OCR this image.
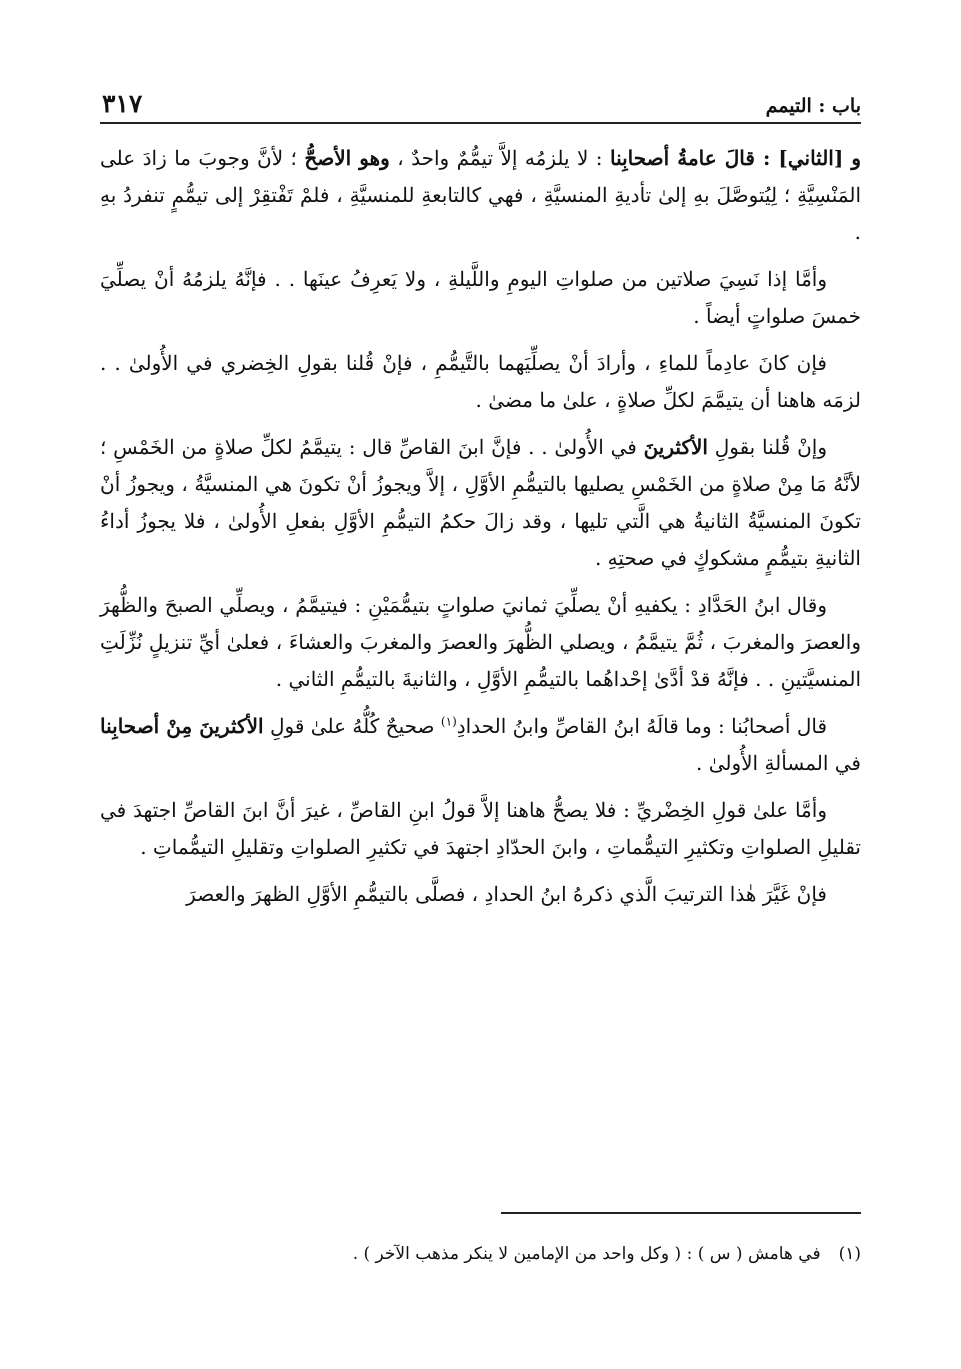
باب : التيمم
٣١٧

و [الثاني] : قالَ عامةُ أصحابِنا : لا يلزمُه إلاَّ تيمُّمٌ واحدٌ ، وهو الأصحُّ ؛ لأنَّ وجوبَ ما زادَ على المَنْسِيَّةِ ؛ لِيُتوصَّلَ بهِ إلىٰ تأديةِ المنسيَّةِ ، فهي كالتابعةِ للمنسيَّةِ ، فلمْ تَفْتقِرْ إلى تيمُّمٍ تنفردُ بهِ .

وأمَّا إذا نَسِيَ صلاتين من صلواتِ اليومِ واللَّيلةِ ، ولا يَعرِفُ عينَها . . فإنَّهُ يلزمُهُ أنْ يصلِّيَ خمسَ صلواتٍ أيضاً .

فإن كانَ عادِماً للماءِ ، وأرادَ أنْ يصلِّيَهما بالتَّيمُّمِ ، فإنْ قُلنا بقولِ الخِضري في الأُولىٰ . . لزمَه هاهنا أن يتيمَّمَ لكلِّ صلاةٍ ، علىٰ ما مضىٰ .

وإنْ قُلنا بقولِ الأكثرينَ في الأُولىٰ . . فإنَّ ابنَ القاصِّ قال : يتيمَّمُ لكلِّ صلاةٍ من الخَمْسِ ؛ لأنَّهُ مَا مِنْ صلاةٍ من الخَمْسِ يصليها بالتيمُّمِ الأوَّلِ ، إلاَّ ويجوزُ أنْ تكونَ هي المنسيَّةُ ، ويجوزُ أنْ تكونَ المنسيَّةُ الثانيةُ هي الَّتي تليها ، وقد زالَ حكمُ التيمُّمِ الأوَّلِ بفعلِ الأُولىٰ ، فلا يجوزُ أداءُ الثانيةِ بتيمُّمٍ مشكوكٍ في صحتِهِ .

وقال ابنُ الحَدَّادِ : يكفيهِ أنْ يصلِّيَ ثمانيَ صلواتٍ بتيمُّمَيْنِ : فيتيمَّمُ ، ويصلِّي الصبحَ والظُّهرَ والعصرَ والمغربَ ، ثُمَّ يتيمَّمُ ، ويصلي الظُّهرَ والعصرَ والمغربَ والعشاءَ ، فعلىٰ أيِّ تنزيلٍ نُزِّلَتِ المنسيَّتينِ . . فإنَّهُ قدْ أدَّىٰ إحْداهُما بالتيمُّمِ الأوَّلِ ، والثانيةَ بالتيمُّمِ الثاني .

قال أصحابُنا : وما قالَهُ ابنُ القاصِّ وابنُ الحدادِ$^{(١)}$ صحيحٌ كُلُّهُ علىٰ قولِ الأكثرينَ مِنْ أصحابِنا في المسألةِ الأُولىٰ .

وأمَّا علىٰ قولِ الخِضْريِّ : فلا يصحُّ هاهنا إلاَّ قولُ ابنِ القاصِّ ، غيرَ أنَّ ابنَ القاصِّ اجتهدَ في تقليلِ الصلواتِ وتكثيرِ التيمُّماتِ ، وابنَ الحدّادِ اجتهدَ في تكثيرِ الصلواتِ وتقليلِ التيمُّماتِ .

فإنْ غَيَّرَ هٰذا الترتيبَ الَّذي ذكرهُ ابنُ الحدادِ ، فصلَّى بالتيمُّمِ الأوَّلِ الظهرَ والعصرَ

(١)في هامش ( س ) : ( وكل واحد من الإمامين لا ينكر مذهب الآخر ) .
